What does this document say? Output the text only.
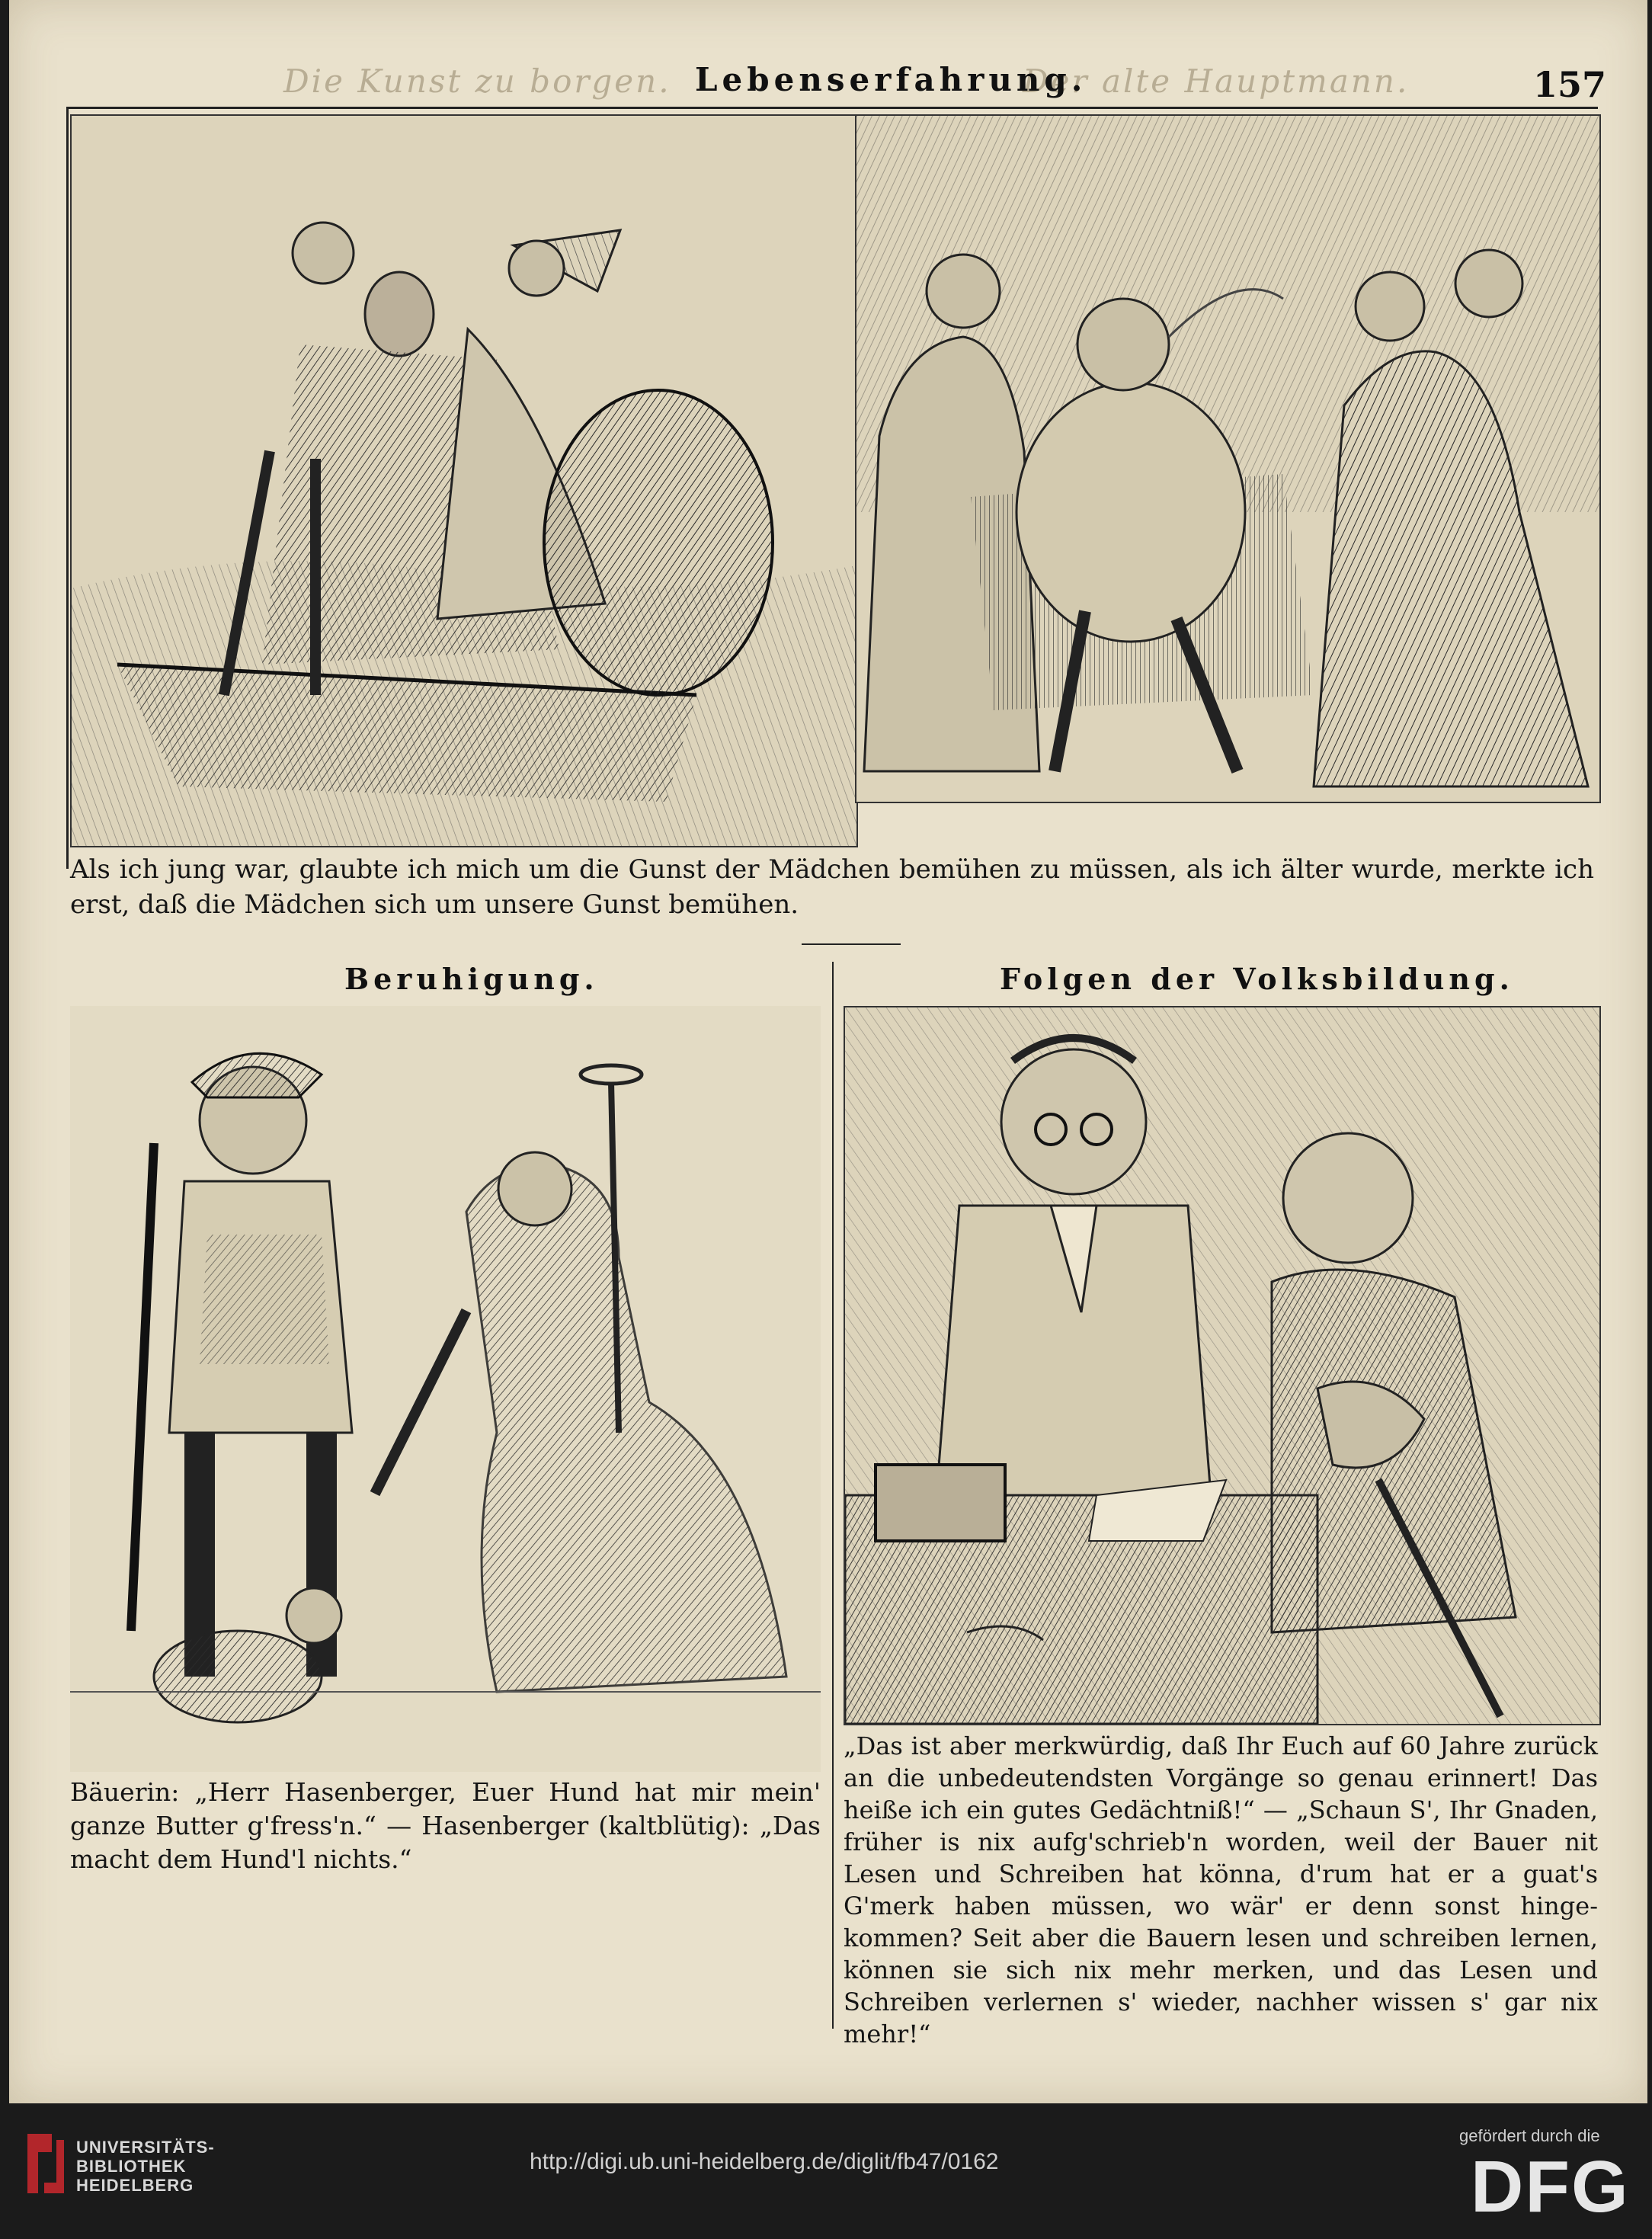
Die Kunst zu borgen.	Der alte Hauptmann.
Lebenserfahrung.	157
Als ich jung war, glaubte ich mich um die Gunst der Mädchen bemühen zu müssen, als ich älter wurde, merkte ich erst, daß die Mädchen sich um unsere Gunst bemühen.
Beruhigung.	Folgen der Volksbildung.
Bäuerin: „Herr Hasenberger, Euer Hund hat mir mein' ganze Butter g'fress'n.“ — Hasenberger (kaltblütig): „Das macht dem Hund'l nichts.“
„Das ist aber merkwürdig, daß Ihr Euch auf 60 Jahre zurück an die unbedeutendsten Vorgänge so genau erinnert! Das heiße ich ein gutes Gedächtniß!“ — „Schaun S', Ihr Gnaden, früher is nix aufg'schrieb'n worden, weil der Bauer nit Lesen und Schreiben hat könna, d'rum hat er a guat's G'merk haben müssen, wo wär' er denn sonst hinge-kommen? Seit aber die Bauern lesen und schreiben lernen, können sie sich nix mehr merken, und das Lesen und Schreiben verlernen s' wieder, nachher wissen s' gar nix mehr!“
UNIVERSITÄTS-
BIBLIOTHEK
HEIDELBERG
http://digi.ub.uni-heidelberg.de/diglit/fb47/0162
gefördert durch die
DFG
